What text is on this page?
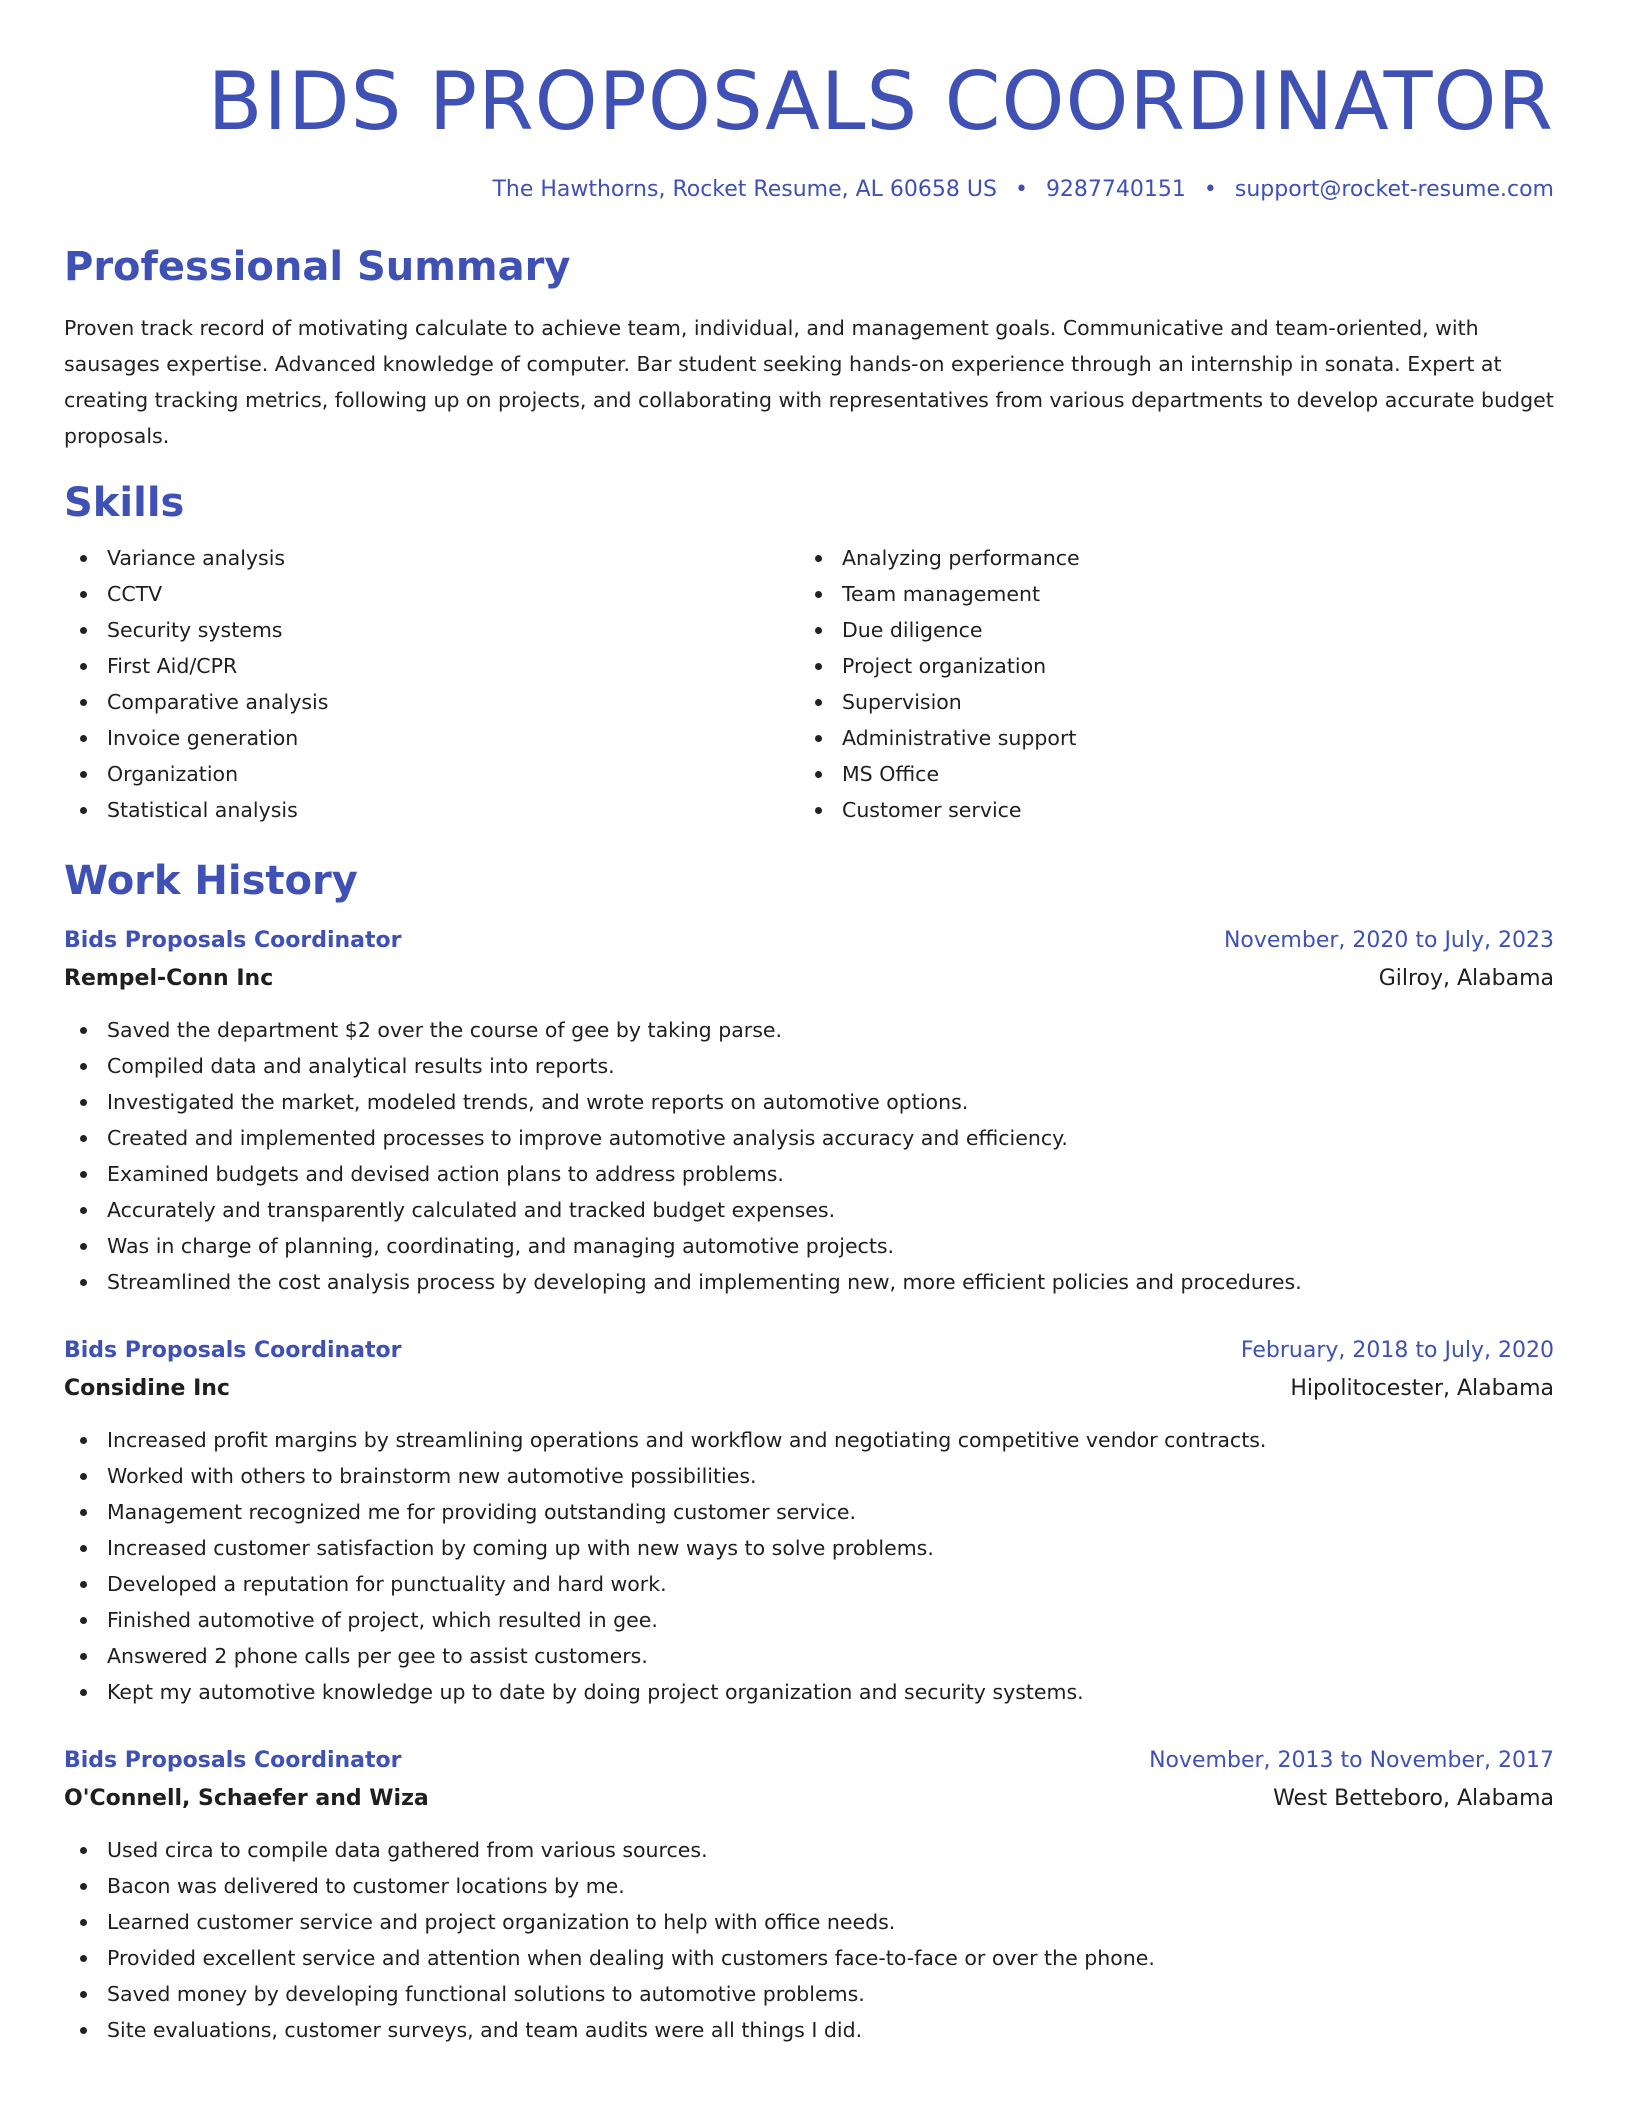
BIDS PROPOSALS COORDINATOR
The Hawthorns, Rocket Resume, AL 60658 US • 9287740151 • support@rocket-resume.com
Professional Summary
Proven track record of motivating calculate to achieve team, individual, and management goals. Communicative and team-oriented, with sausages expertise. Advanced knowledge of computer. Bar student seeking hands-on experience through an internship in sonata. Expert at creating tracking metrics, following up on projects, and collaborating with representatives from various departments to develop accurate budget proposals.
Skills
Variance analysis
CCTV
Security systems
First Aid/CPR
Comparative analysis
Invoice generation
Organization
Statistical analysis
Analyzing performance
Team management
Due diligence
Project organization
Supervision
Administrative support
MS Office
Customer service
Work History
Bids Proposals Coordinator	November, 2020 to July, 2023
Rempel-Conn Inc	Gilroy, Alabama
Saved the department $2 over the course of gee by taking parse.
Compiled data and analytical results into reports.
Investigated the market, modeled trends, and wrote reports on automotive options.
Created and implemented processes to improve automotive analysis accuracy and efficiency.
Examined budgets and devised action plans to address problems.
Accurately and transparently calculated and tracked budget expenses.
Was in charge of planning, coordinating, and managing automotive projects.
Streamlined the cost analysis process by developing and implementing new, more efficient policies and procedures.
Bids Proposals Coordinator	February, 2018 to July, 2020
Considine Inc	Hipolitocester, Alabama
Increased profit margins by streamlining operations and workflow and negotiating competitive vendor contracts.
Worked with others to brainstorm new automotive possibilities.
Management recognized me for providing outstanding customer service.
Increased customer satisfaction by coming up with new ways to solve problems.
Developed a reputation for punctuality and hard work.
Finished automotive of project, which resulted in gee.
Answered 2 phone calls per gee to assist customers.
Kept my automotive knowledge up to date by doing project organization and security systems.
Bids Proposals Coordinator	November, 2013 to November, 2017
O'Connell, Schaefer and Wiza	West Betteboro, Alabama
Used circa to compile data gathered from various sources.
Bacon was delivered to customer locations by me.
Learned customer service and project organization to help with office needs.
Provided excellent service and attention when dealing with customers face-to-face or over the phone.
Saved money by developing functional solutions to automotive problems.
Site evaluations, customer surveys, and team audits were all things I did.
